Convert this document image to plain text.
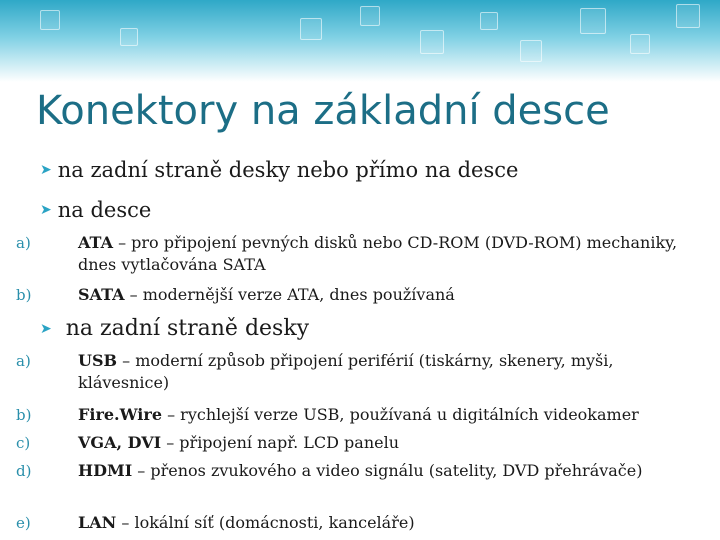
Konektory na základní desce
➤ na zadní straně desky nebo přímo na desce
➤ na desce
a)	ATA – pro připojení pevných disků nebo CD-ROM (DVD-ROM) mechaniky, dnes vytlačována SATA
b)	SATA – modernější verze ATA, dnes používaná
➤ na zadní straně desky
a)	USB – moderní způsob připojení periférií (tiskárny, skenery, myši, klávesnice)
b)	Fire.Wire – rychlejší verze USB, používaná u digitálních videokamer
c)	VGA, DVI – připojení např. LCD panelu
d)	HDMI – přenos zvukového a video signálu (satelity, DVD přehrávače)
e)	LAN – lokální síť (domácnosti, kanceláře)
